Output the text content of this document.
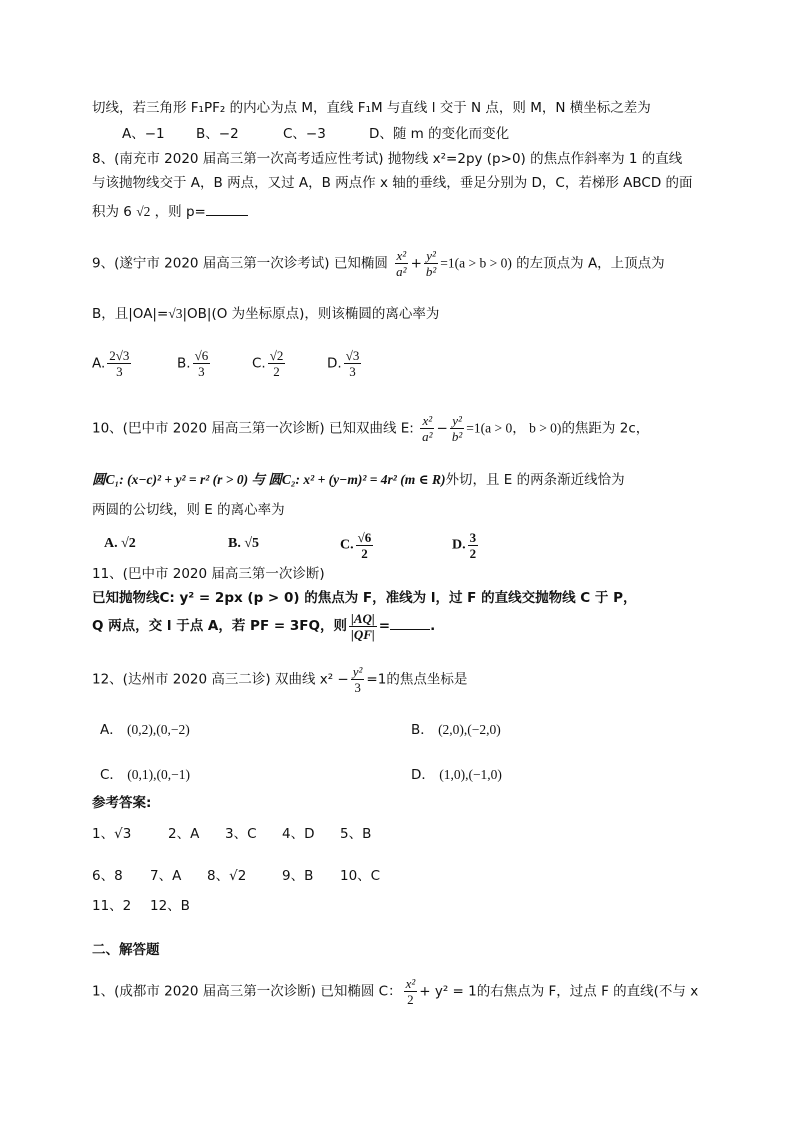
切线，若三角形 F₁PF₂ 的内心为点 M，直线 F₁M 与直线 l 交于 N 点，则 M，N 横坐标之差为
A、−1 B、−2	C、−3	D、随 m 的变化而变化
8、(南充市 2020 届高三第一次高考适应性考试) 抛物线 x²=2py (p>0) 的焦点作斜率为 1 的直线
与该抛物线交于 A，B 两点，又过 A，B 两点作 x 轴的垂线，垂足分别为 D，C，若梯形 ABCD 的面
积为 6 √2 ，则 p=
9、(遂宁市 2020 届高三第一次诊考试) 已知椭圆 $\frac{\text{x²}}{\text{a²}} + \frac{\text{y²}}{\text{b²}} =1(a > b > 0)$ 的左顶点为 A，上顶点为
B，且|OA|=√3|OB|(O 为坐标原点)，则该椭圆的离心率为
A. $\frac{2√3}{3}$	B. $\frac{√6}{3}$	C. $\frac{√2}{2}$	D. $\frac{√3}{3}$
10、(巴中市 2020 届高三第一次诊断) 已知双曲线 E: $\frac{\text{x²}}{\text{a²}} - \frac{\text{y²}}{\text{b²}} =1(a > 0$， b > 0)的焦距为 2c，
圆C₁: (x−c)² + y² = r² (r > 0) 与 圆C₂: x² + (y−m)² = 4r² (m ∈ R)外切，且 E 的两条渐近线恰为
两圆的公切线，则 E 的离心率为
A. √2	B. √5	C. $\frac{√6}{2}$	D. $\frac{3}{2}$
11、(巴中市 2020 届高三第一次诊断)
已知抛物线C: y² = 2px (p > 0) 的焦点为 F，准线为 l，过 F 的直线交抛物线 C 于 P，
Q 两点，交 l 于点 A，若 PF = 3FQ，则 $\frac{|AQ|}{|QF|}$ =	.
12、(达州市 2020 高三二诊) 双曲线 $x^2 - \frac{\text{y²}}{3} =1$的焦点坐标是
A． (0,2),(0,−2)	B． (2,0),(−2,0)
C． (0,1),(0,−1)	D． (1,0),(−1,0)
参考答案:
1、√3	2、A 3、C 4、D 5、B
6、8 7、A 8、√2	9、B 10、C
11、2 12、B
二、解答题
1、(成都市 2020 届高三第一次诊断) 已知椭圆 C： $\frac{\text{x²}}{2} + y^2 = 1$的右焦点为 F，过点 F 的直线(不与 x
